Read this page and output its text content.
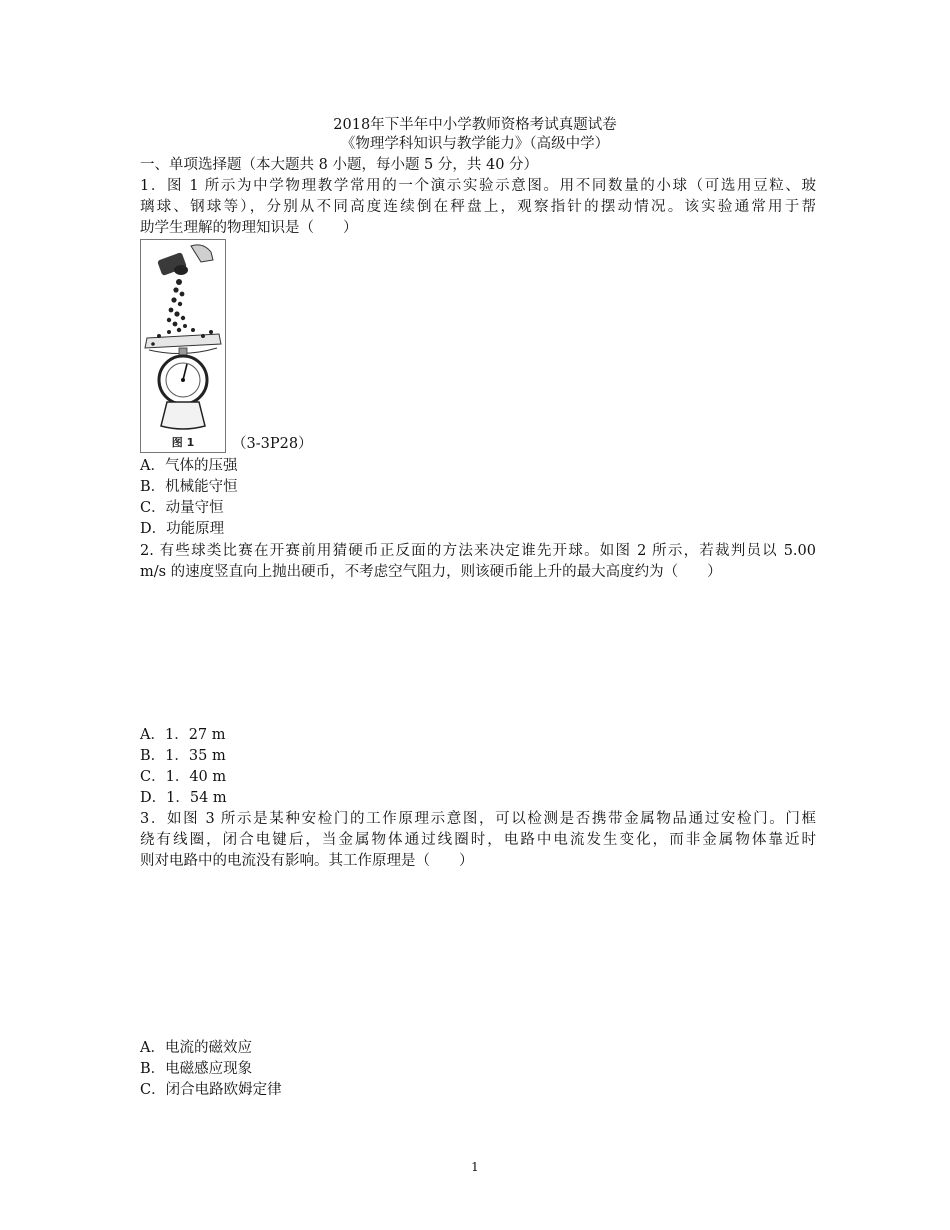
2018年下半年中小学教师资格考试真题试卷
《物理学科知识与教学能力》（高级中学）
一、单项选择题（本大题共 8 小题，每小题 5 分，共 40 分）
1．图 1 所示为中学物理教学常用的一个演示实验示意图。用不同数量的小球（可选用豆粒、玻
璃球、钢球等），分别从不同高度连续倒在秤盘上，观察指针的摆动情况。该实验通常用于帮
助学生理解的物理知识是（　　）
图 1	（3-3P28）
A．气体的压强
B．机械能守恒
C．动量守恒
D．功能原理
2. 有些球类比赛在开赛前用猜硬币正反面的方法来决定谁先开球。如图 2 所示，若裁判员以 5.00
m/s 的速度竖直向上抛出硬币，不考虑空气阻力，则该硬币能上升的最大高度约为（　　）
A．1．27 m
B．1．35 m
C．1．40 m
D．1．54 m
3．如图 3 所示是某种安检门的工作原理示意图，可以检测是否携带金属物品通过安检门。门框
绕有线圈，闭合电键后，当金属物体通过线圈时，电路中电流发生变化，而非金属物体靠近时
则对电路中的电流没有影响。其工作原理是（　　）
A．电流的磁效应
B．电磁感应现象
C．闭合电路欧姆定律
1
